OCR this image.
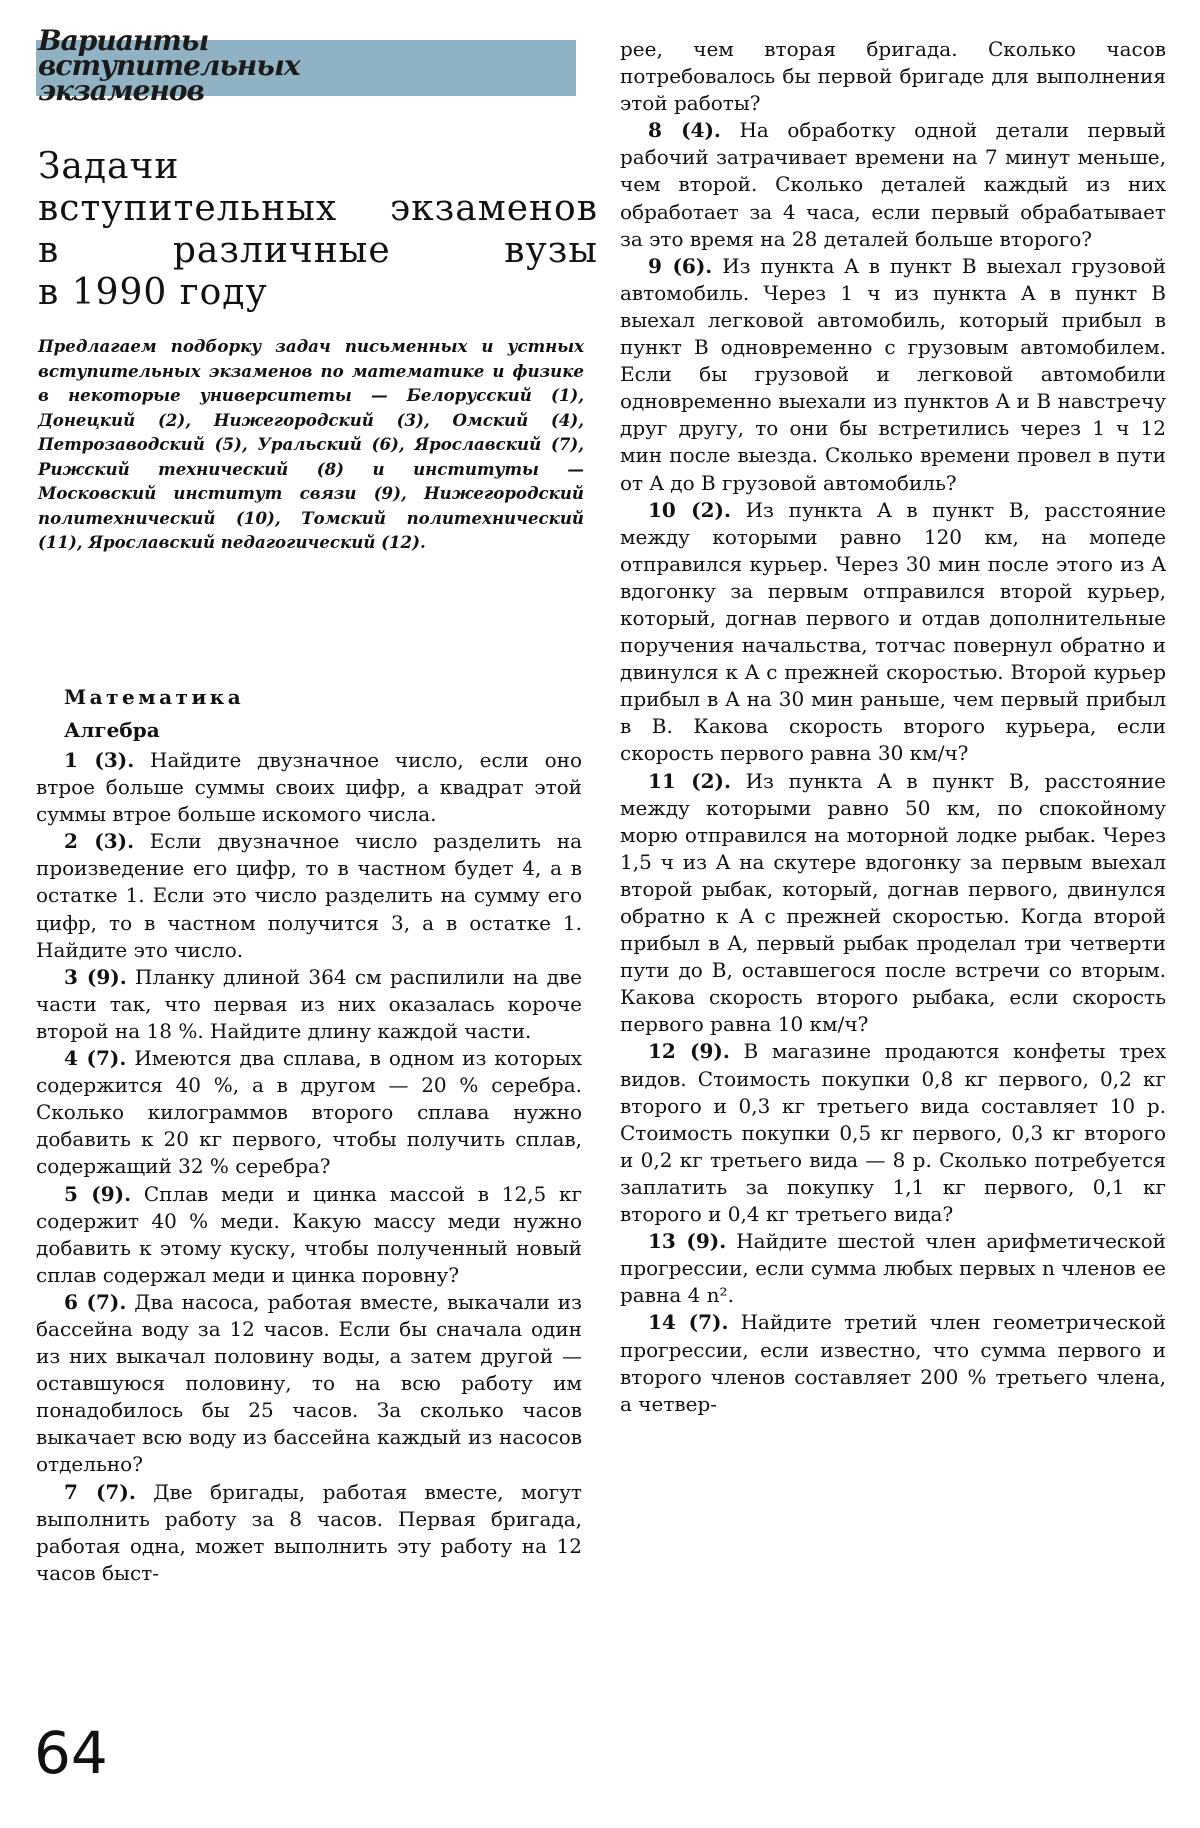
Варианты вступительных экзаменов
Задачи
вступительных экзаменов
в различные вузы
в 1990 году

Предлагаем подборку задач письменных и устных вступительных экзаменов по математике и физике в некоторые университеты — Белорусский (1), Донецкий (2), Нижегородский (3), Омский (4), Петрозаводский (5), Уральский (6), Ярославский (7), Рижский технический (8) и институты — Московский институт связи (9), Нижегородский политехнический (10), Томский политехнический (11), Ярославский педагогический (12).

Математика
Алгебра

1 (3). Найдите двузначное число, если оно втрое больше суммы своих цифр, а квадрат этой суммы втрое больше искомого числа.

2 (3). Если двузначное число разделить на произведение его цифр, то в частном будет 4, а в остатке 1. Если это число разделить на сумму его цифр, то в частном получится 3, а в остатке 1. Найдите это число.

3 (9). Планку длиной 364 см распилили на две части так, что первая из них оказалась короче второй на 18 %. Найдите длину каждой части.

4 (7). Имеются два сплава, в одном из которых содержится 40 %, а в другом — 20 % серебра. Сколько килограммов второго сплава нужно добавить к 20 кг первого, чтобы получить сплав, содержащий 32 % серебра?

5 (9). Сплав меди и цинка массой в 12,5 кг содержит 40 % меди. Какую массу меди нужно добавить к этому куску, чтобы полученный новый сплав содержал меди и цинка поровну?

6 (7). Два насоса, работая вместе, выкачали из бассейна воду за 12 часов. Если бы сначала один из них выкачал половину воды, а затем другой — оставшуюся половину, то на всю работу им понадобилось бы 25 часов. За сколько часов выкачает всю воду из бассейна каждый из насосов отдельно?

7 (7). Две бригады, работая вместе, могут выполнить работу за 8 часов. Первая бригада, работая одна, может выполнить эту работу на 12 часов быст-

рее, чем вторая бригада. Сколько часов потребовалось бы первой бригаде для выполнения этой работы?

8 (4). На обработку одной детали первый рабочий затрачивает времени на 7 минут меньше, чем второй. Сколько деталей каждый из них обработает за 4 часа, если первый обрабатывает за это время на 28 деталей больше второго?

9 (6). Из пункта A в пункт B выехал грузовой автомобиль. Через 1 ч из пункта A в пункт B выехал легковой автомобиль, который прибыл в пункт B одновременно с грузовым автомобилем. Если бы грузовой и легковой автомобили одновременно выехали из пунктов A и B навстречу друг другу, то они бы встретились через 1 ч 12 мин после выезда. Сколько времени провел в пути от A до B грузовой автомобиль?

10 (2). Из пункта A в пункт B, расстояние между которыми равно 120 км, на мопеде отправился курьер. Через 30 мин после этого из A вдогонку за первым отправился второй курьер, который, догнав первого и отдав дополнительные поручения начальства, тотчас повернул обратно и двинулся к A с прежней скоростью. Второй курьер прибыл в A на 30 мин раньше, чем первый прибыл в B. Какова скорость второго курьера, если скорость первого равна 30 км/ч?

11 (2). Из пункта A в пункт B, расстояние между которыми равно 50 км, по спокойному морю отправился на моторной лодке рыбак. Через 1,5 ч из A на скутере вдогонку за первым выехал второй рыбак, который, догнав первого, двинулся обратно к A с прежней скоростью. Когда второй прибыл в A, первый рыбак проделал три четверти пути до B, оставшегося после встречи со вторым. Какова скорость второго рыбака, если скорость первого равна 10 км/ч?

12 (9). В магазине продаются конфеты трех видов. Стоимость покупки 0,8 кг первого, 0,2 кг второго и 0,3 кг третьего вида составляет 10 р. Стоимость покупки 0,5 кг первого, 0,3 кг второго и 0,2 кг третьего вида — 8 р. Сколько потребуется заплатить за покупку 1,1 кг первого, 0,1 кг второго и 0,4 кг третьего вида?

13 (9). Найдите шестой член арифметической прогрессии, если сумма любых первых n членов ее равна 4 n².

14 (7). Найдите третий член геометрической прогрессии, если известно, что сумма первого и второго членов составляет 200 % третьего члена, а четвер-

64
